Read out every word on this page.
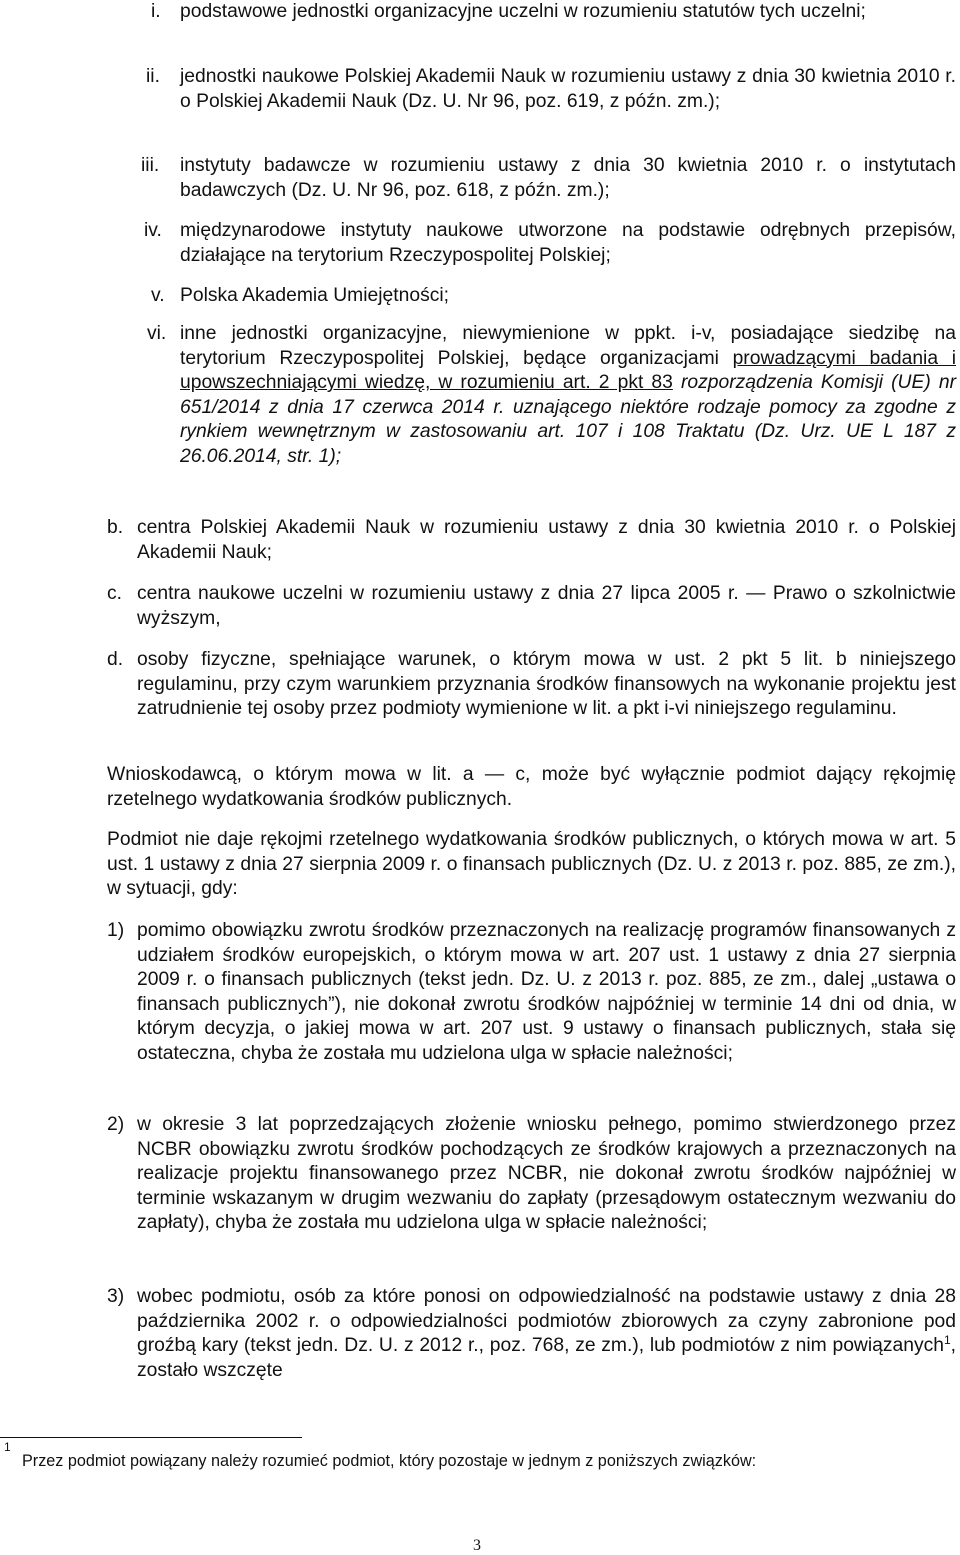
i. podstawowe jednostki organizacyjne uczelni w rozumieniu statutów tych uczelni;
ii. jednostki naukowe Polskiej Akademii Nauk w rozumieniu ustawy z dnia 30 kwietnia 2010 r. o Polskiej Akademii Nauk (Dz. U. Nr 96, poz. 619, z późn. zm.);
iii. instytuty badawcze w rozumieniu ustawy z dnia 30 kwietnia 2010 r. o instytutach badawczych (Dz. U. Nr 96, poz. 618, z późn. zm.);
iv. międzynarodowe instytuty naukowe utworzone na podstawie odrębnych przepisów, działające na terytorium Rzeczypospolitej Polskiej;
v. Polska Akademia Umiejętności;
vi. inne jednostki organizacyjne, niewymienione w ppkt. i-v, posiadające siedzibę na terytorium Rzeczypospolitej Polskiej, będące organizacjami prowadzącymi badania i upowszechniającymi wiedzę, w rozumieniu art. 2 pkt 83 rozporządzenia Komisji (UE) nr 651/2014 z dnia 17 czerwca 2014 r. uznającego niektóre rodzaje pomocy za zgodne z rynkiem wewnętrznym w zastosowaniu art. 107 i 108 Traktatu (Dz. Urz. UE L 187 z 26.06.2014, str. 1);
b. centra Polskiej Akademii Nauk w rozumieniu ustawy z dnia 30 kwietnia 2010 r. o Polskiej Akademii Nauk;
c. centra naukowe uczelni w rozumieniu ustawy z dnia 27 lipca 2005 r. — Prawo o szkolnictwie wyższym,
d. osoby fizyczne, spełniające warunek, o którym mowa w ust. 2 pkt 5 lit. b niniejszego regulaminu, przy czym warunkiem przyznania środków finansowych na wykonanie projektu jest zatrudnienie tej osoby przez podmioty wymienione w lit. a pkt i-vi niniejszego regulaminu.
Wnioskodawcą, o którym mowa w lit. a — c, może być wyłącznie podmiot dający rękojmię rzetelnego wydatkowania środków publicznych.
Podmiot nie daje rękojmi rzetelnego wydatkowania środków publicznych, o których mowa w art. 5 ust. 1 ustawy z dnia 27 sierpnia 2009 r. o finansach publicznych (Dz. U. z 2013 r. poz. 885, ze zm.), w sytuacji, gdy:
1) pomimo obowiązku zwrotu środków przeznaczonych na realizację programów finansowanych z udziałem środków europejskich, o którym mowa w art. 207 ust. 1 ustawy z dnia 27 sierpnia 2009 r. o finansach publicznych (tekst jedn. Dz. U. z 2013 r. poz. 885, ze zm., dalej „ustawa o finansach publicznych”), nie dokonał zwrotu środków najpóźniej w terminie 14 dni od dnia, w którym decyzja, o jakiej mowa w art. 207 ust. 9 ustawy o finansach publicznych, stała się ostateczna, chyba że została mu udzielona ulga w spłacie należności;
2) w okresie 3 lat poprzedzających złożenie wniosku pełnego, pomimo stwierdzonego przez NCBR obowiązku zwrotu środków pochodzących ze środków krajowych a przeznaczonych na realizacje projektu finansowanego przez NCBR, nie dokonał zwrotu środków najpóźniej w terminie wskazanym w drugim wezwaniu do zapłaty (przesądowym ostatecznym wezwaniu do zapłaty), chyba że została mu udzielona ulga w spłacie należności;
3) wobec podmiotu, osób za które ponosi on odpowiedzialność na podstawie ustawy z dnia 28 października 2002 r. o odpowiedzialności podmiotów zbiorowych za czyny zabronione pod groźbą kary (tekst jedn. Dz. U. z 2012 r., poz. 768, ze zm.), lub podmiotów z nim powiązanych$^1$, zostało wszczęte
1
Przez podmiot powiązany należy rozumieć podmiot, który pozostaje w jednym z poniższych związków:
3
